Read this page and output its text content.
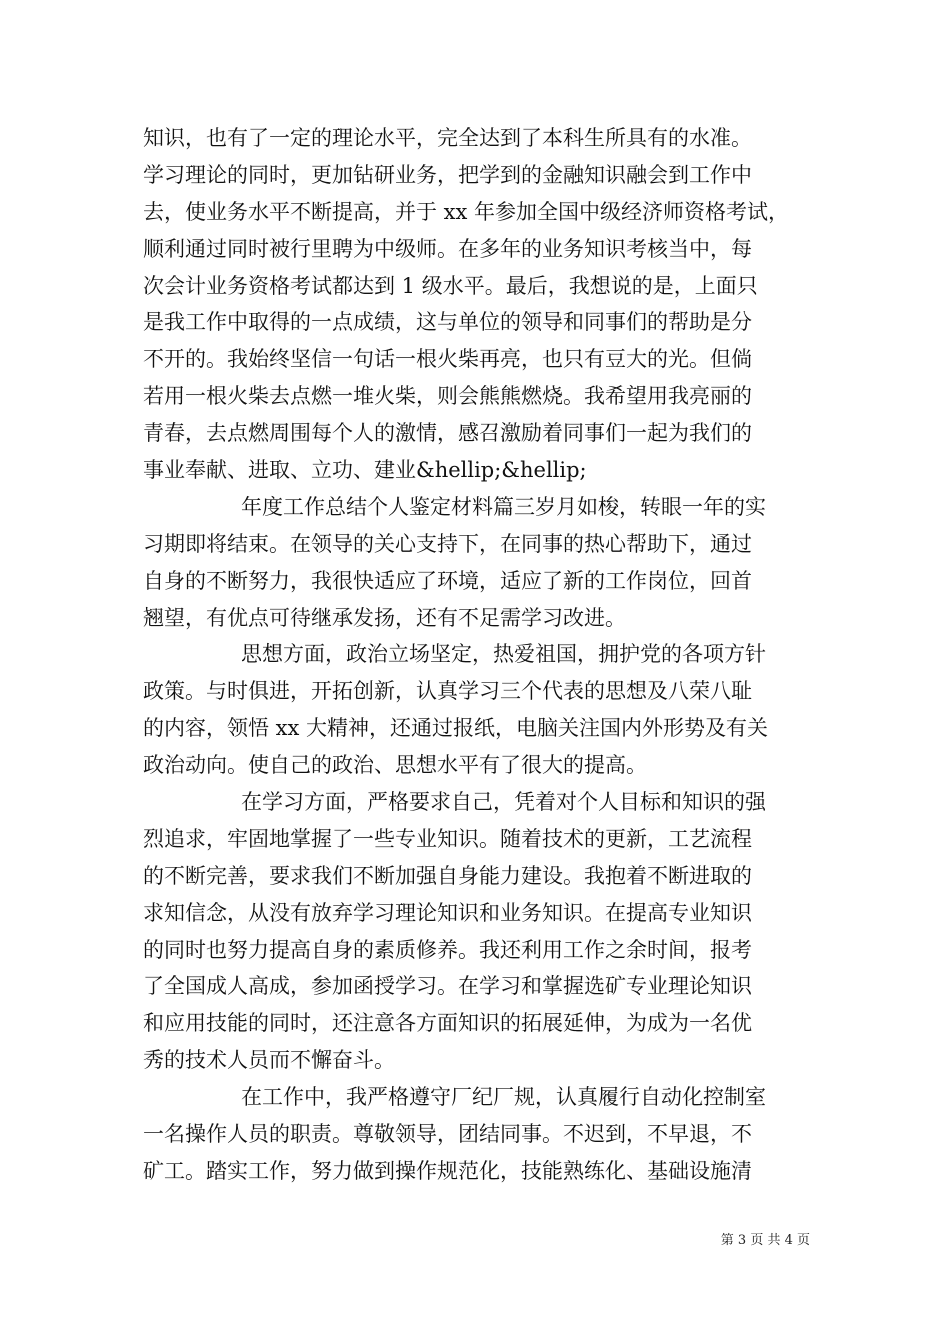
知识，也有了一定的理论水平，完全达到了本科生所具有的水准。
学习理论的同时，更加钻研业务，把学到的金融知识融会到工作中
去，使业务水平不断提高，并于 xx 年参加全国中级经济师资格考试，
顺利通过同时被行里聘为中级师。在多年的业务知识考核当中，每
次会计业务资格考试都达到 1 级水平。最后，我想说的是，上面只
是我工作中取得的一点成绩，这与单位的领导和同事们的帮助是分
不开的。我始终坚信一句话一根火柴再亮，也只有豆大的光。但倘
若用一根火柴去点燃一堆火柴，则会熊熊燃烧。我希望用我亮丽的
青春，去点燃周围每个人的激情，感召激励着同事们一起为我们的
事业奉献、进取、立功、建业&hellip;&hellip;
年度工作总结个人鉴定材料篇三岁月如梭，转眼一年的实
习期即将结束。在领导的关心支持下，在同事的热心帮助下，通过
自身的不断努力，我很快适应了环境，适应了新的工作岗位，回首
翘望，有优点可待继承发扬，还有不足需学习改进。
思想方面，政治立场坚定，热爱祖国，拥护党的各项方针
政策。与时俱进，开拓创新，认真学习三个代表的思想及八荣八耻
的内容，领悟 xx 大精神，还通过报纸，电脑关注国内外形势及有关
政治动向。使自己的政治、思想水平有了很大的提高。
在学习方面，严格要求自己，凭着对个人目标和知识的强
烈追求，牢固地掌握了一些专业知识。随着技术的更新，工艺流程
的不断完善，要求我们不断加强自身能力建设。我抱着不断进取的
求知信念，从没有放弃学习理论知识和业务知识。在提高专业知识
的同时也努力提高自身的素质修养。我还利用工作之余时间，报考
了全国成人高成，参加函授学习。在学习和掌握选矿专业理论知识
和应用技能的同时，还注意各方面知识的拓展延伸，为成为一名优
秀的技术人员而不懈奋斗。
在工作中，我严格遵守厂纪厂规，认真履行自动化控制室
一名操作人员的职责。尊敬领导，团结同事。不迟到，不早退，不
矿工。踏实工作，努力做到操作规范化，技能熟练化、基础设施清
第 3 页 共 4 页
